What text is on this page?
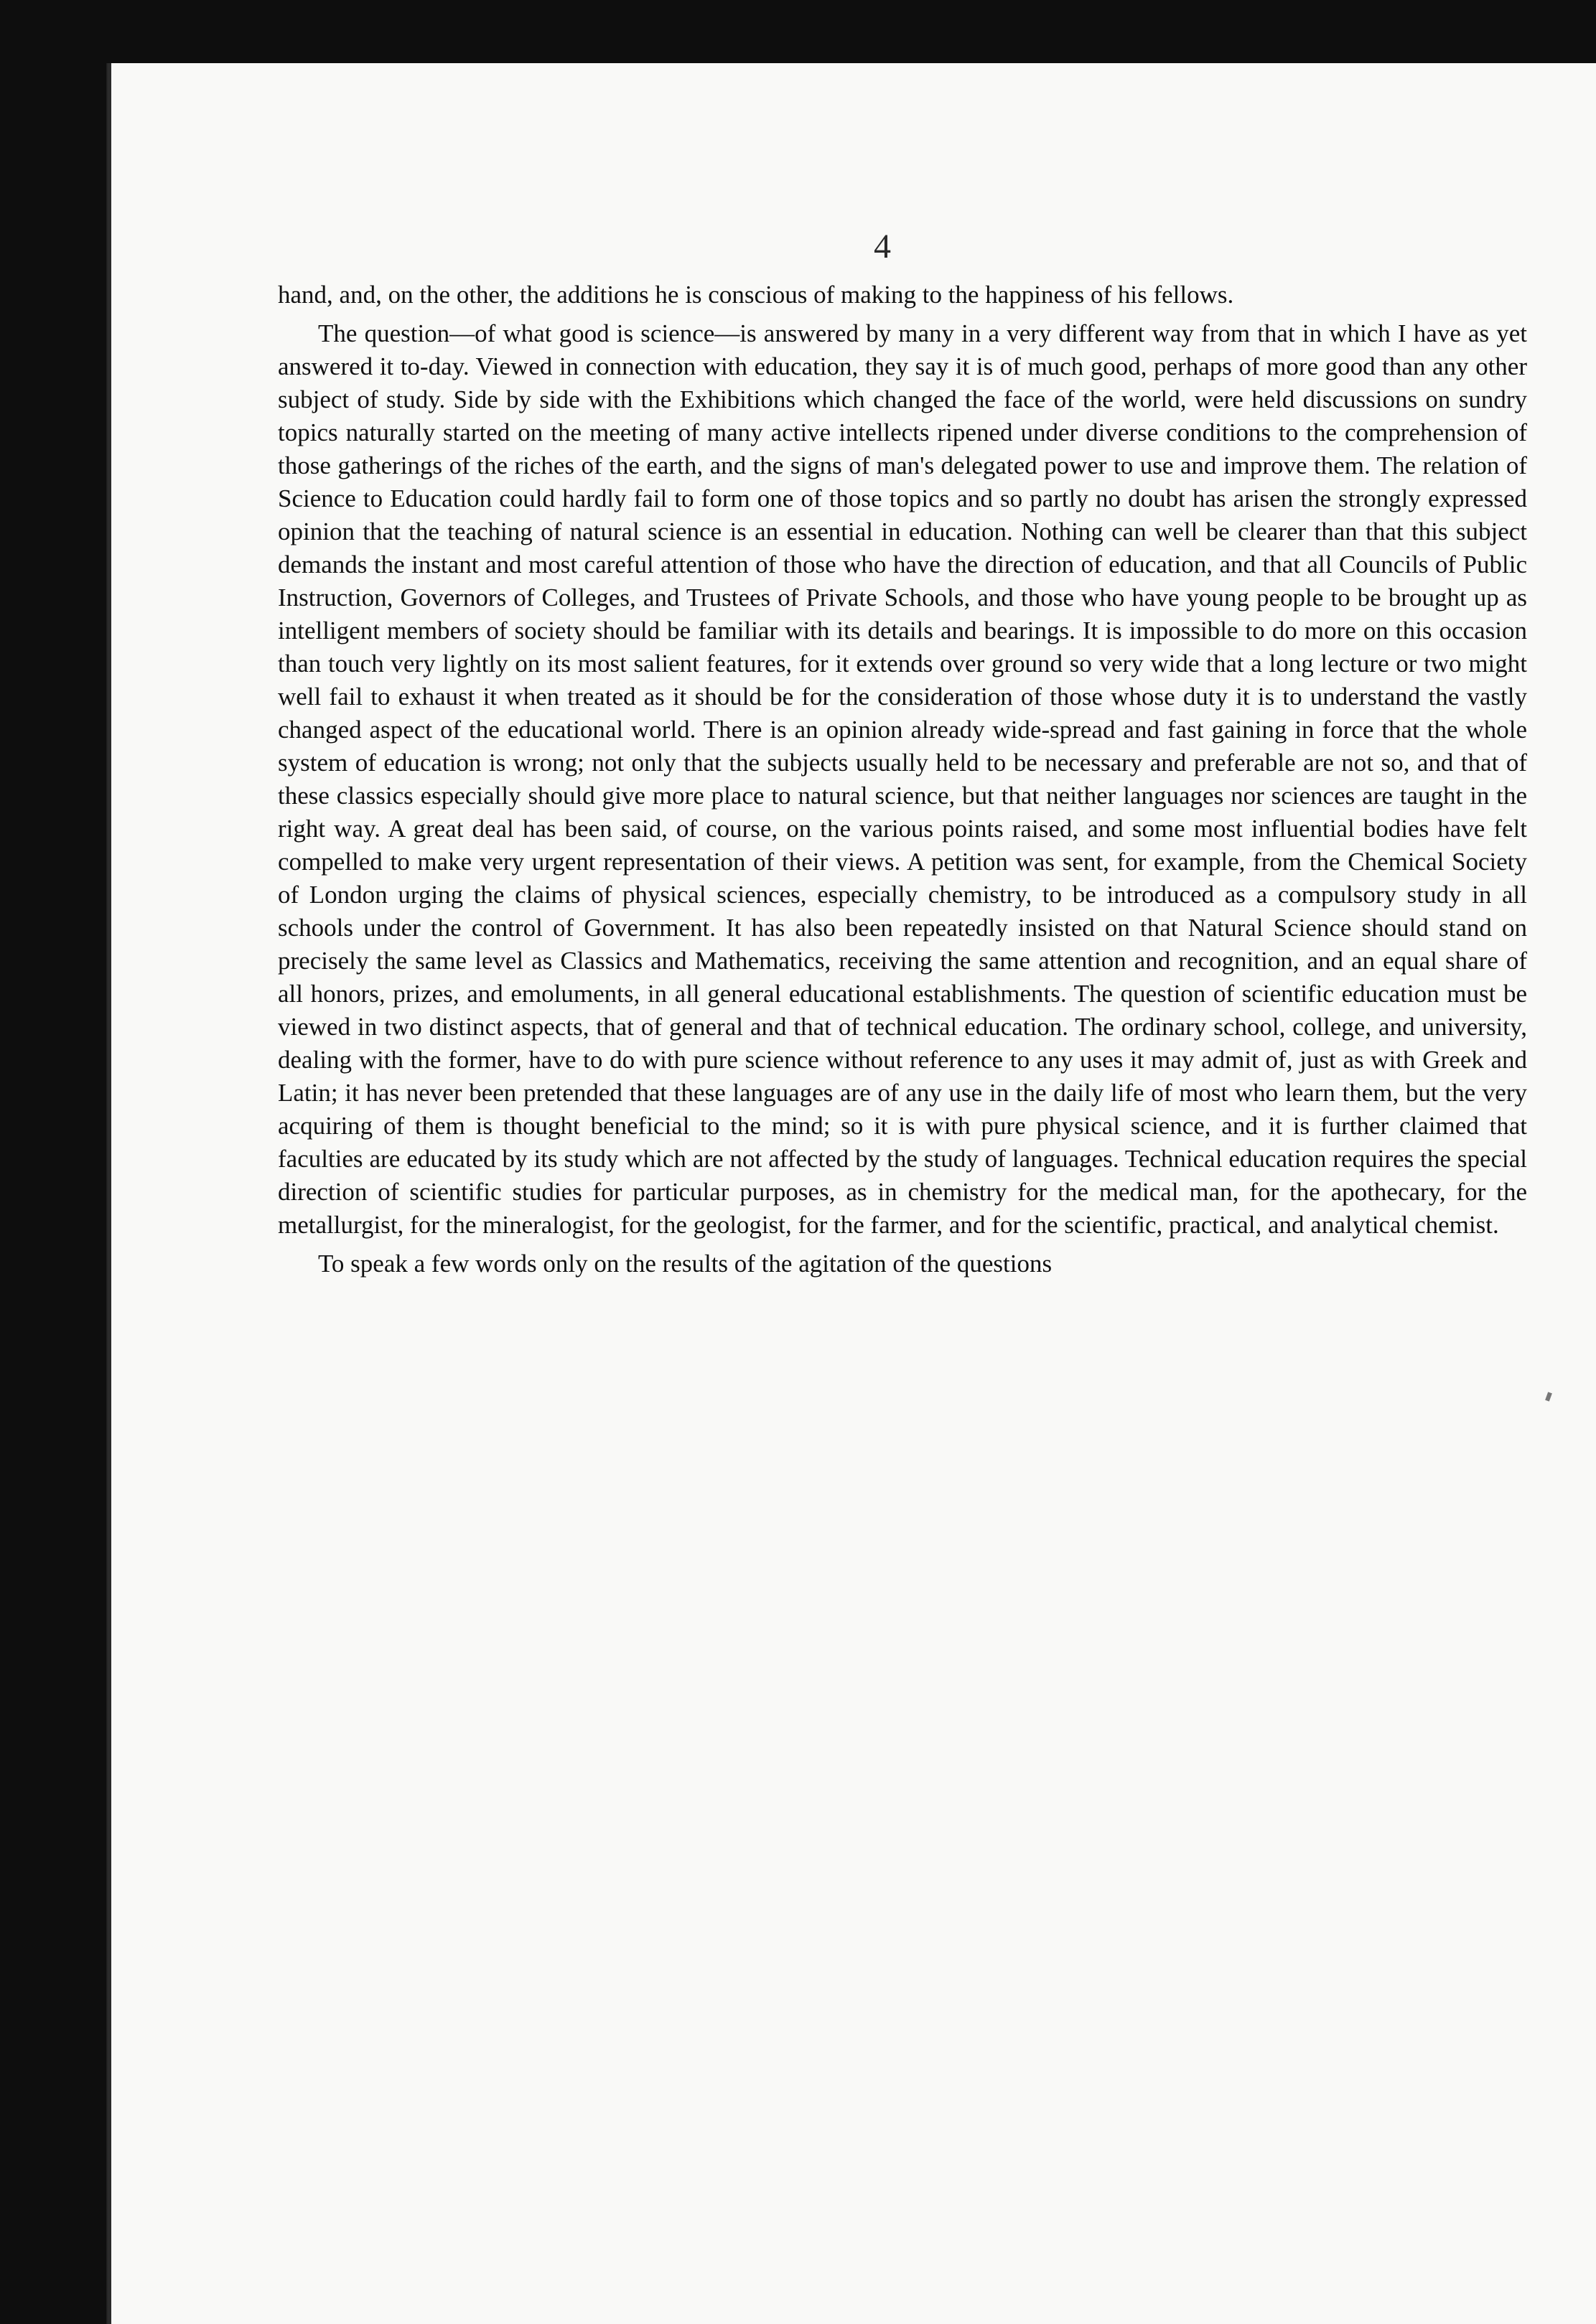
4

hand, and, on the other, the additions he is conscious of making to the happiness of his fellows.

The question—of what good is science—is answered by many in a very different way from that in which I have as yet answered it to-day. Viewed in connection with education, they say it is of much good, perhaps of more good than any other subject of study. Side by side with the Exhibitions which changed the face of the world, were held discussions on sundry topics naturally started on the meeting of many active intellects ripened under diverse conditions to the comprehension of those gatherings of the riches of the earth, and the signs of man's delegated power to use and improve them. The relation of Science to Education could hardly fail to form one of those topics and so partly no doubt has arisen the strongly expressed opinion that the teaching of natural science is an essential in education. Nothing can well be clearer than that this subject demands the instant and most careful attention of those who have the direction of education, and that all Councils of Public Instruction, Governors of Colleges, and Trustees of Private Schools, and those who have young people to be brought up as intelligent members of society should be familiar with its details and bearings. It is impossible to do more on this occasion than touch very lightly on its most salient features, for it extends over ground so very wide that a long lecture or two might well fail to exhaust it when treated as it should be for the consideration of those whose duty it is to understand the vastly changed aspect of the educational world. There is an opinion already wide-spread and fast gaining in force that the whole system of education is wrong; not only that the subjects usually held to be necessary and preferable are not so, and that of these classics especially should give more place to natural science, but that neither languages nor sciences are taught in the right way. A great deal has been said, of course, on the various points raised, and some most influential bodies have felt compelled to make very urgent representation of their views. A petition was sent, for example, from the Chemical Society of London urging the claims of physical sciences, especially chemistry, to be introduced as a compulsory study in all schools under the control of Government. It has also been repeatedly insisted on that Natural Science should stand on precisely the same level as Classics and Mathematics, receiving the same attention and recognition, and an equal share of all honors, prizes, and emoluments, in all general educational establishments. The question of scientific education must be viewed in two distinct aspects, that of general and that of technical education. The ordinary school, college, and university, dealing with the former, have to do with pure science without reference to any uses it may admit of, just as with Greek and Latin; it has never been pretended that these languages are of any use in the daily life of most who learn them, but the very acquiring of them is thought beneficial to the mind; so it is with pure physical science, and it is further claimed that faculties are educated by its study which are not affected by the study of languages. Technical education requires the special direction of scientific studies for particular purposes, as in chemistry for the medical man, for the apothecary, for the metallurgist, for the mineralogist, for the geologist, for the farmer, and for the scientific, practical, and analytical chemist.

To speak a few words only on the results of the agitation of the questions
